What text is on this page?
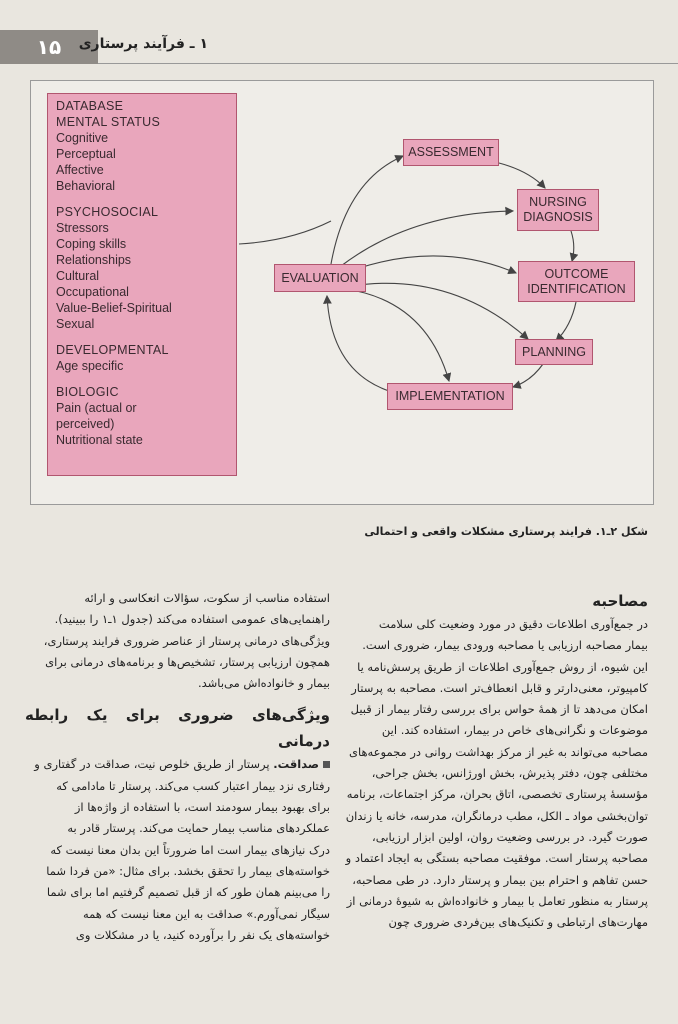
۱۵	۱ ـ فرآیند پرستاری
DATABASE
MENTAL STATUS
Cognitive
Perceptual
Affective
Behavioral
PSYCHOSOCIAL
Stressors
Coping skills
Relationships
Cultural
Occupational
Value-Belief-Spiritual
Sexual
DEVELOPMENTAL
Age specific
BIOLOGIC
Pain (actual or
perceived)
Nutritional state
ASSESSMENT
NURSING
DIAGNOSIS
OUTCOME
IDENTIFICATION
PLANNING
IMPLEMENTATION
EVALUATION
شکل ۲ـ۱. فرایند پرستاری مشکلات واقعی و احتمالی
مصاحبه
در جمع‌آوری اطلاعات دقیق در مورد وضعیت کلی سلامت
بیمار مصاحبه ارزیابی یا مصاحبه ورودی بیمار، ضروری است.
این شیوه، از روش جمع‌آوری اطلاعات از طریق پرسش‌نامه یا
کامپیوتر، معنی‌دارتر و قابل انعطاف‌تر است. مصاحبه به پرستار
امکان می‌دهد تا از همهٔ حواس برای بررسی رفتار بیمار از قبیل
موضوعات و نگرانی‌های خاص در بیمار، استفاده کند. این
مصاحبه می‌تواند به غیر از مرکز بهداشت روانی در مجموعه‌های
مختلفی چون، دفتر پذیرش، بخش اورژانس، بخش جراحی،
مؤسسهٔ پرستاری تخصصی، اتاق بحران، مرکز اجتماعات، برنامه
توان‌بخشی مواد ـ الکل، مطب درمانگران، مدرسه، خانه یا زندان
صورت گیرد. در بررسی وضعیت روان، اولین ابزار ارزیابی،
مصاحبه پرستار است. موفقیت مصاحبه بستگی به ایجاد اعتماد و
حسن تفاهم و احترام بین بیمار و پرستار دارد. در طی مصاحبه،
پرستار به منظور تعامل با بیمار و خانواده‌اش به شیوهٔ درمانی از
مهارت‌های ارتباطی و تکنیک‌های بین‌فردی ضروری چون
استفاده مناسب از سکوت، سؤالات انعکاسی و ارائه
راهنمایی‌های عمومی استفاده می‌کند (جدول ۱ـ۱ را ببینید).
ویژگی‌های درمانی پرستار از عناصر ضروری فرایند پرستاری،
همچون ارزیابی پرستار، تشخیص‌ها و برنامه‌های درمانی برای
بیمار و خانواده‌اش می‌باشد.
ویژگی‌های ضروری برای یک رابطه درمانی
صداقت. پرستار از طریق خلوص نیت، صداقت در گفتاری و
رفتاری نزد بیمار اعتبار کسب می‌کند. پرستار تا مادامی که
برای بهبود بیمار سودمند است، با استفاده از واژه‌ها از
عملکردهای مناسب بیمار حمایت می‌کند. پرستار قادر به
درک نیازهای بیمار است اما ضرورتاً این بدان معنا نیست که
خواسته‌های بیمار را تحقق بخشد. برای مثال: «من فردا شما
را می‌بینم همان طور که از قبل تصمیم گرفتیم اما برای شما
سیگار نمی‌آورم.» صداقت به این معنا نیست که همه
خواسته‌های یک نفر را برآورده کنید، یا در مشکلات وی
